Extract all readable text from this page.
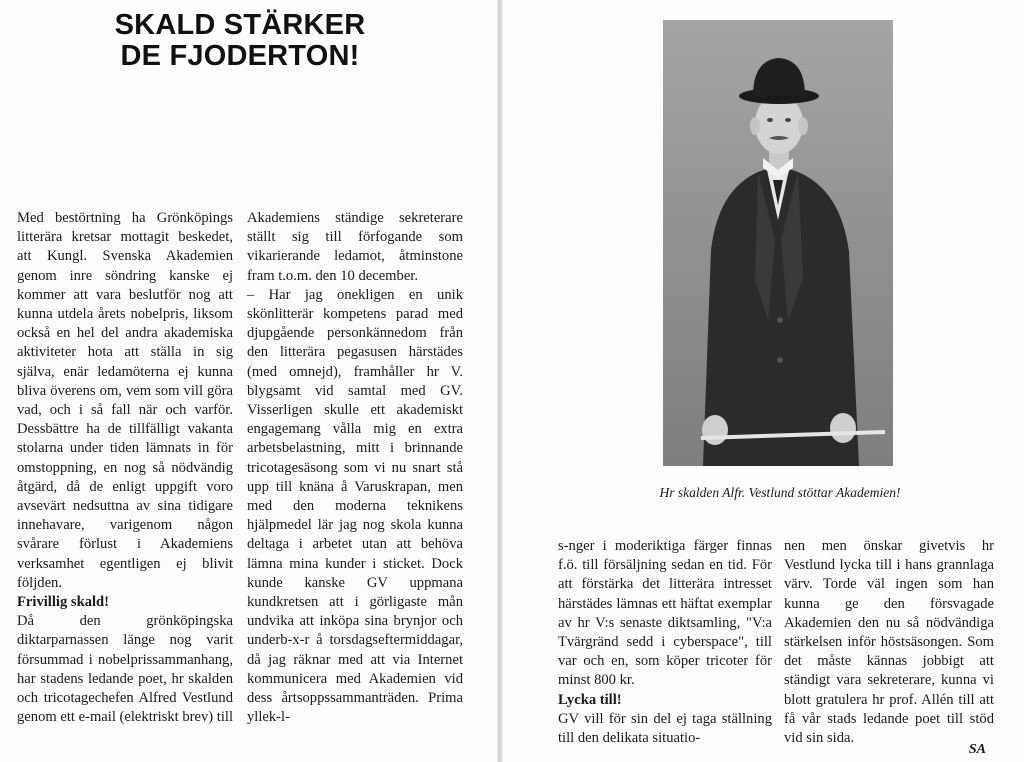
SKALD STÄRKER
DE FJODERTON!

Med bestörtning ha Grönköpings litterära kretsar mottagit beskedet, att Kungl. Svenska Akademien genom inre söndring kanske ej kommer att vara beslutför nog att kunna utdela årets nobelpris, liksom också en hel del andra akademiska aktiviteter hota att ställa in sig själva, enär ledamöterna ej kunna bliva överens om, vem som vill göra vad, och i så fall när och varför. Dessbättre ha de tillfälligt vakanta stolarna under tiden lämnats in för omstoppning, en nog så nödvändig åtgärd, då de enligt uppgift voro avsevärt nedsuttna av sina tidigare innehavare, varigenom någon svårare förlust i Akademiens verksamhet egentligen ej blivit följden.

Frivillig skald!

Då den grönköpingska diktarparnassen länge nog varit försummad i nobelprissammanhang, har stadens ledande poet, hr skalden och tricotagechefen Alfred Vestlund genom ett e-mail (elektriskt brev) till

Akademiens ständige sekreterare ställt sig till förfogande som vikarierande ledamot, åtminstone fram t.o.m. den 10 december.

– Har jag onekligen en unik skönlitterär kompetens parad med djupgående personkännedom från den litterära pegasusen härstädes (med omnejd), framhåller hr V. blygsamt vid samtal med GV. Visserligen skulle ett akademiskt engagemang vålla mig en extra arbetsbelastning, mitt i brinnande tricotagesäsong som vi nu snart stå upp till knäna å Varuskrapan, men med den moderna teknikens hjälpmedel lär jag nog skola kunna deltaga i arbetet utan att behöva lämna mina kunder i sticket. Dock kunde kanske GV uppmana kundkretsen att i görligaste mån undvika att inköpa sina brynjor och underb-x-r å torsdagseftermiddagar, då jag räknar med att via Internet kommunicera med Akademien vid dess årtsoppssammanträden. Prima yllek-l-

Hr skalden Alfr. Vestlund stöttar Akademien!

s-nger i moderiktiga färger finnas f.ö. till försäljning sedan en tid. För att förstärka det litterära intresset härstädes lämnas ett häftat exemplar av hr V:s senaste diktsamling, "V:a Tvärgränd sedd i cyberspace", till var och en, som köper tricoter för minst 800 kr.

Lycka till!

GV vill för sin del ej taga ställning till den delikata situatio-

nen men önskar givetvis hr Vestlund lycka till i hans grannlaga värv. Torde väl ingen som han kunna ge den försvagade Akademien den nu så nödvändiga stärkelsen inför höstsäsongen. Som det måste kännas jobbigt att ständigt vara sekreterare, kunna vi blott gratulera hr prof. Allén till att få vår stads ledande poet till stöd vid sin sida.

SA
